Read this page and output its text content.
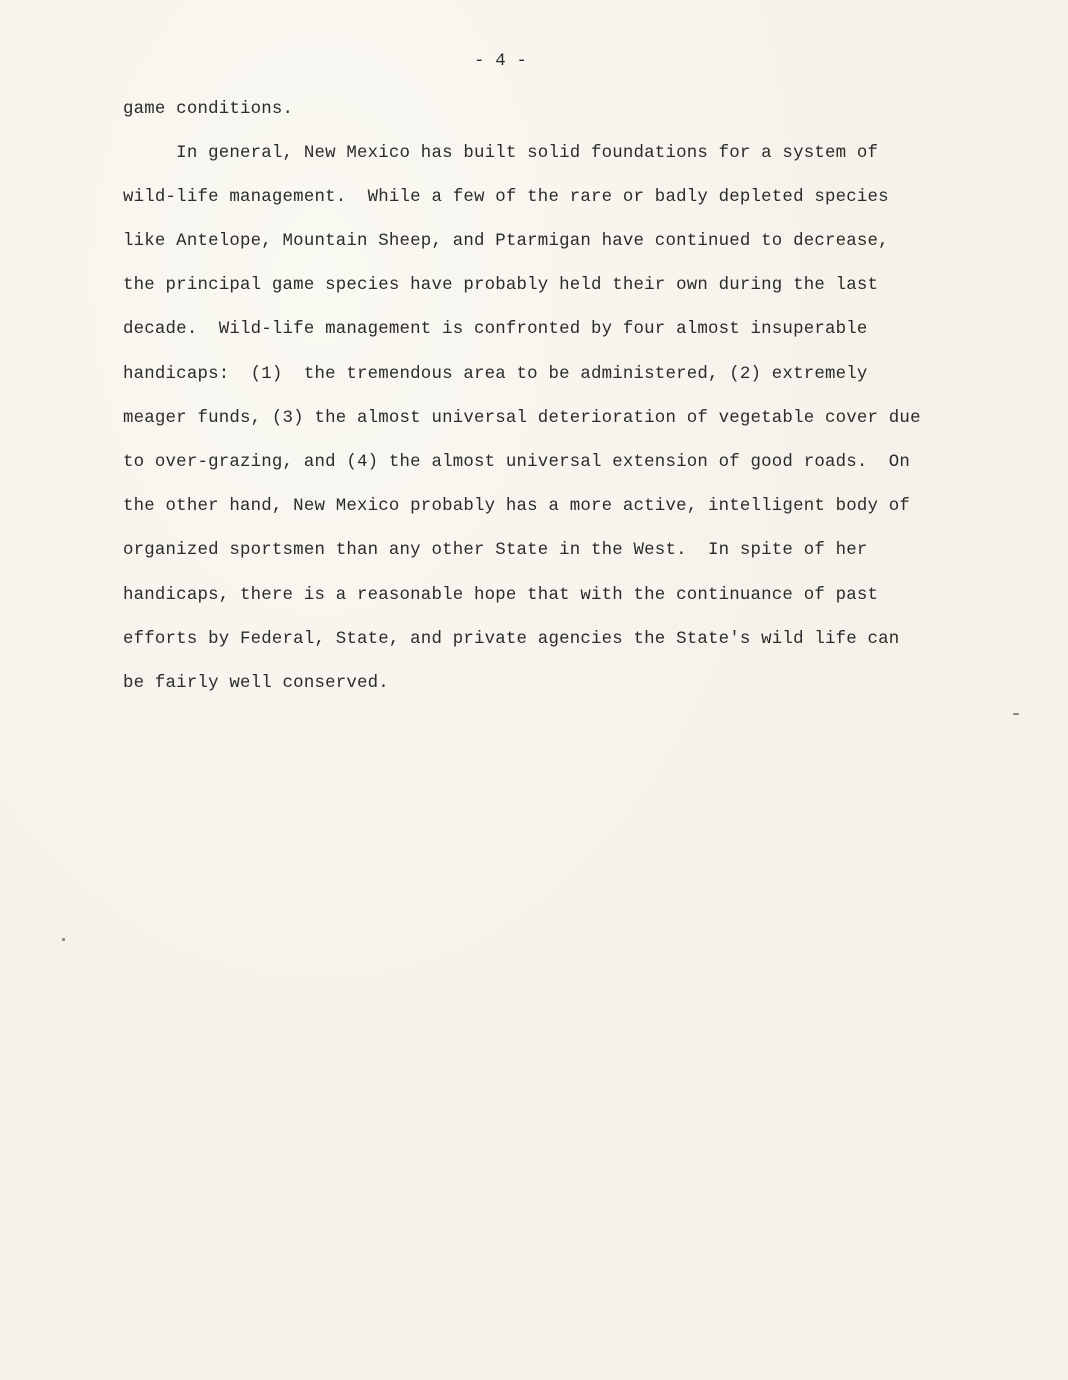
- 4 -
game conditions.
In general, New Mexico has built solid foundations for a system of
wild-life management.  While a few of the rare or badly depleted species
like Antelope, Mountain Sheep, and Ptarmigan have continued to decrease,
the principal game species have probably held their own during the last
decade.  Wild-life management is confronted by four almost insuperable
handicaps:  (1)  the tremendous area to be administered, (2) extremely
meager funds, (3) the almost universal deterioration of vegetable cover due
to over-grazing, and (4) the almost universal extension of good roads.  On
the other hand, New Mexico probably has a more active, intelligent body of
organized sportsmen than any other State in the West.  In spite of her
handicaps, there is a reasonable hope that with the continuance of past
efforts by Federal, State, and private agencies the State's wild life can
be fairly well conserved.
